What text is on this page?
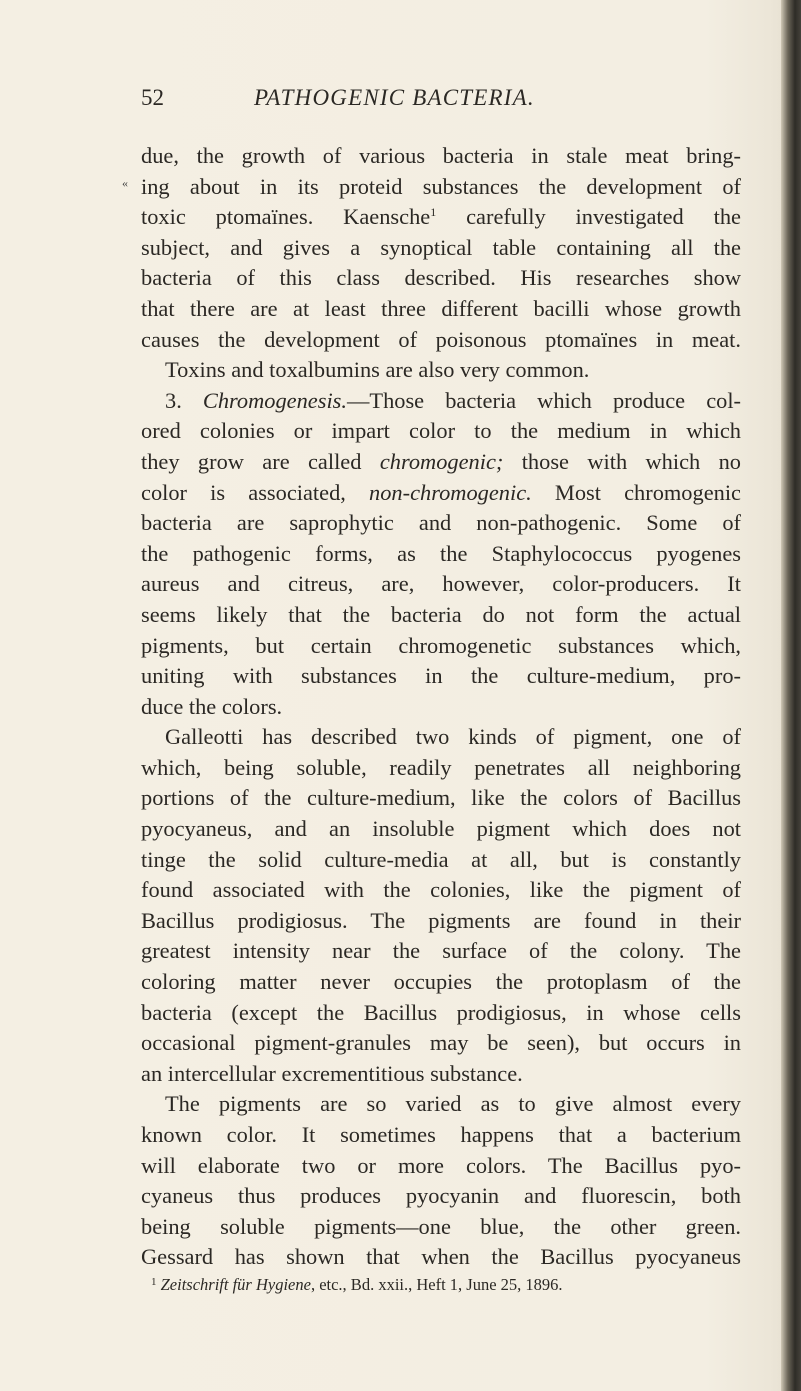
52	PATHOGENIC BACTERIA.
«
due, the growth of various bacteria in stale meat bring-
ing about in its proteid substances the development of
toxic ptomaïnes. Kaensche$^1$ carefully investigated the
subject, and gives a synoptical table containing all the
bacteria of this class described. His researches show
that there are at least three different bacilli whose growth
causes the development of poisonous ptomaïnes in meat.
Toxins and toxalbumins are also very common.
3. Chromogenesis.—Those bacteria which produce col-
ored colonies or impart color to the medium in which
they grow are called chromogenic; those with which no
color is associated, non-chromogenic. Most chromogenic
bacteria are saprophytic and non-pathogenic. Some of
the pathogenic forms, as the Staphylococcus pyogenes
aureus and citreus, are, however, color-producers. It
seems likely that the bacteria do not form the actual
pigments, but certain chromogenetic substances which,
uniting with substances in the culture-medium, pro-
duce the colors.
Galleotti has described two kinds of pigment, one of
which, being soluble, readily penetrates all neighboring
portions of the culture-medium, like the colors of Bacillus
pyocyaneus, and an insoluble pigment which does not
tinge the solid culture-media at all, but is constantly
found associated with the colonies, like the pigment of
Bacillus prodigiosus. The pigments are found in their
greatest intensity near the surface of the colony. The
coloring matter never occupies the protoplasm of the
bacteria (except the Bacillus prodigiosus, in whose cells
occasional pigment-granules may be seen), but occurs in
an intercellular excrementitious substance.
The pigments are so varied as to give almost every
known color. It sometimes happens that a bacterium
will elaborate two or more colors. The Bacillus pyo-
cyaneus thus produces pyocyanin and fluorescin, both
being soluble pigments—one blue, the other green.
Gessard has shown that when the Bacillus pyocyaneus
$^1$ Zeitschrift für Hygiene, etc., Bd. xxii., Heft 1, June 25, 1896.
